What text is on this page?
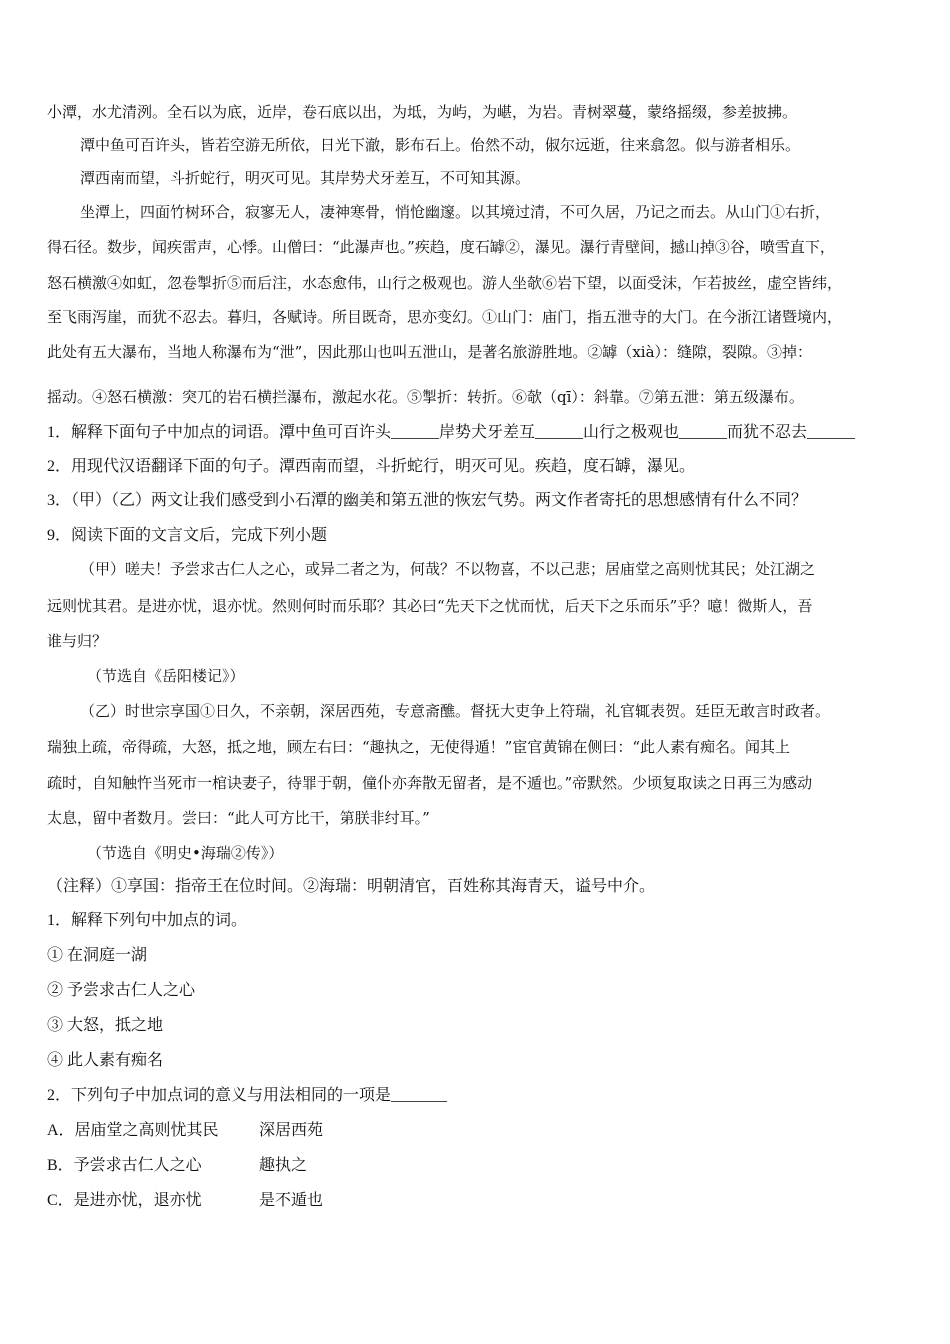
小潭，水尤清洌。全石以为底，近岸，卷石底以出，为坻，为屿，为嵁，为岩。青树翠蔓，蒙络摇缀，参差披拂。
潭中鱼可百许头，皆若空游无所依，日光下澈，影布石上。佁然不动，俶尔远逝，往来翕忽。似与游者相乐。
潭西南而望，斗折蛇行，明灭可见。其岸势犬牙差互，不可知其源。
坐潭上，四面竹树环合，寂寥无人，凄神寒骨，悄怆幽邃。以其境过清，不可久居，乃记之而去。从山门①右折，
得石径。数步，闻疾雷声，心悸。山僧曰：“此瀑声也。”疾趋，度石罅②，瀑见。瀑行青壁间，撼山掉③谷，喷雪直下，
怒石横激④如虹，忽卷掣折⑤而后注，水态愈伟，山行之极观也。游人坐欹⑥岩下望，以面受沫，乍若披丝，虚空皆纬，
至飞雨泻崖，而犹不忍去。暮归，各赋诗。所目既奇，思亦变幻。①山门：庙门，指五泄寺的大门。在今浙江诸暨境内，
此处有五大瀑布，当地人称瀑布为“泄”，因此那山也叫五泄山，是著名旅游胜地。②罅（xià）：缝隙，裂隙。③掉：
摇动。④怒石横激：突兀的岩石横拦瀑布，激起水花。⑤掣折：转折。⑥欹（qī）：斜靠。⑦第五泄：第五级瀑布。
1．解释下面句子中加点的词语。潭中鱼可百许头______岸势犬牙差互______山行之极观也______而犹不忍去______
2．用现代汉语翻译下面的句子。潭西南而望，斗折蛇行，明灭可见。疾趋，度石罅，瀑见。
3．（甲）（乙）两文让我们感受到小石潭的幽美和第五泄的恢宏气势。两文作者寄托的思想感情有什么不同？
9．阅读下面的文言文后，完成下列小题
（甲）嗟夫！予尝求古仁人之心，或异二者之为，何哉？不以物喜，不以己悲；居庙堂之高则忧其民；处江湖之
远则忧其君。是进亦忧，退亦忧。然则何时而乐耶？其必曰“先天下之忧而忧，后天下之乐而乐”乎？噫！微斯人，吾
谁与归？
（节选自《岳阳楼记》）
（乙）时世宗享国①日久，不亲朝，深居西苑，专意斋醮。督抚大吏争上符瑞，礼官辄表贺。廷臣无敢言时政者。
瑞独上疏，帝得疏，大怒，抵之地，顾左右曰：“趣执之，无使得遁！”宦官黄锦在侧曰：“此人素有痴名。闻其上
疏时，自知触忤当死市一棺诀妻子，待罪于朝，僮仆亦奔散无留者，是不遁也。”帝默然。少顷复取读之日再三为感动
太息，留中者数月。尝曰：“此人可方比干，第朕非纣耳。”
（节选自《明史•海瑞②传》）
（注释）①享国：指帝王在位时间。②海瑞：明朝清官，百姓称其海青天，谥号中介。
1．解释下列句中加点的词。
① 在洞庭一湖
② 予尝求古仁人之心
③ 大怒，抵之地
④ 此人素有痴名
2．下列句子中加点词的意义与用法相同的一项是_______
A．居庙堂之高则忧其民	深居西苑
B．予尝求古仁人之心	趣执之
C．是进亦忧，退亦忧	是不遁也
